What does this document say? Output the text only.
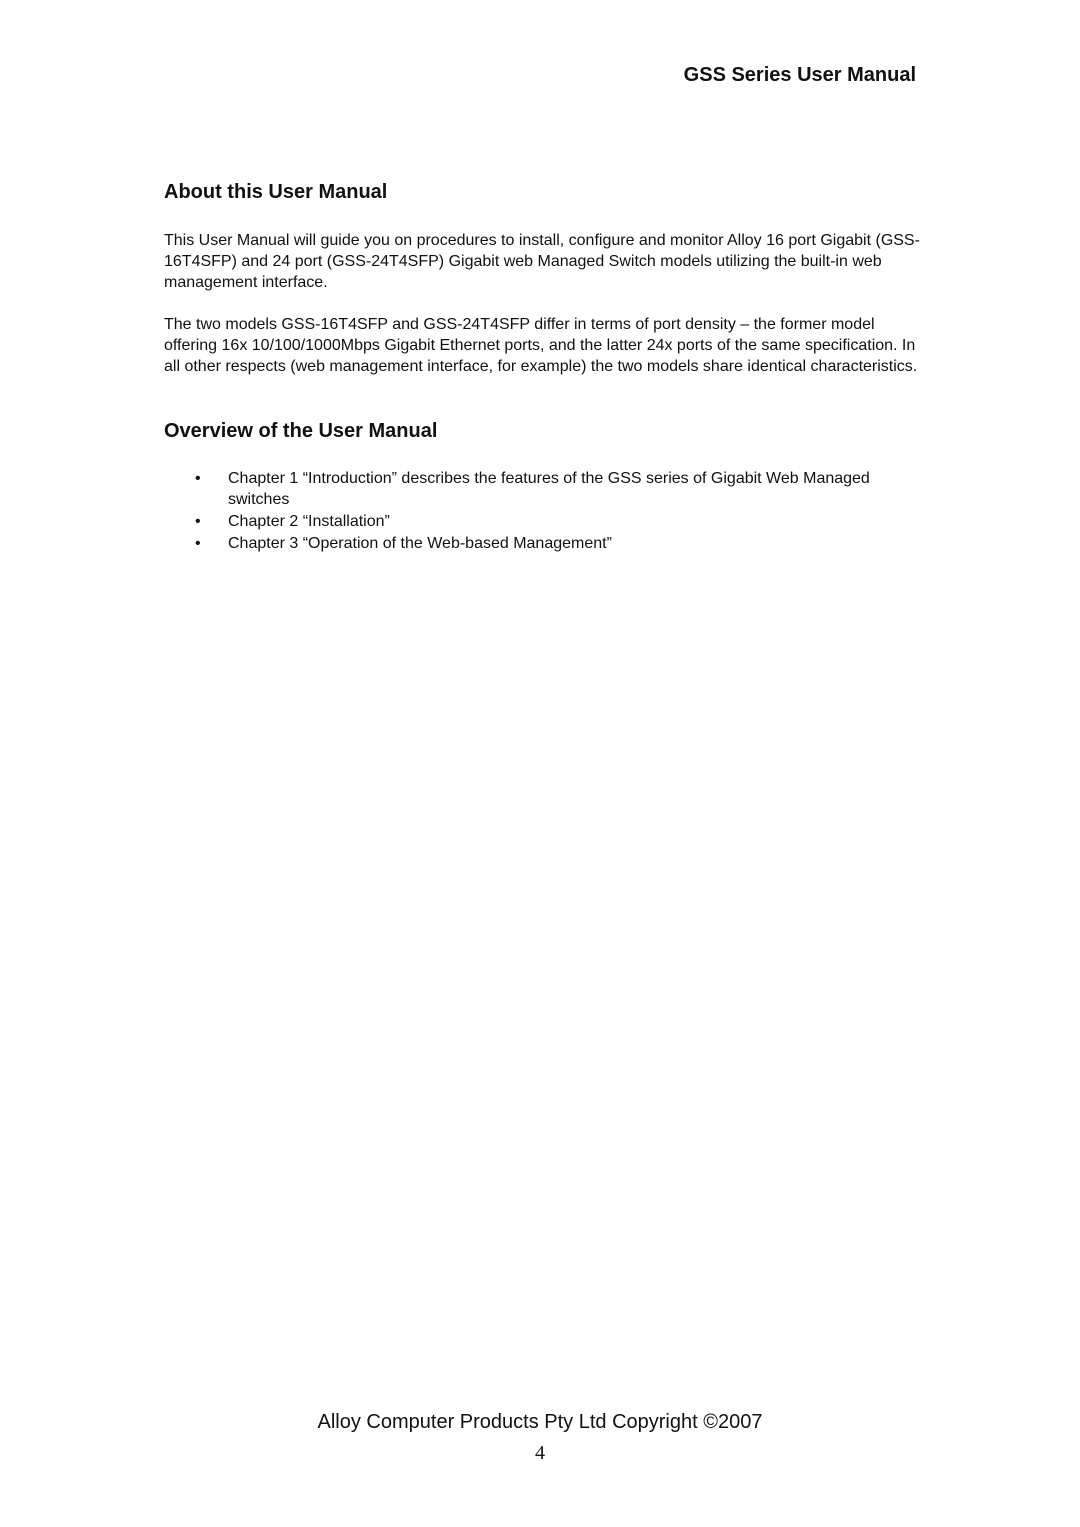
GSS Series User Manual
About this User Manual

This User Manual will guide you on procedures to install, configure and monitor Alloy 16 port Gigabit (GSS-16T4SFP) and 24 port (GSS-24T4SFP) Gigabit web Managed Switch models utilizing the built-in web management interface.

The two models GSS-16T4SFP and GSS-24T4SFP differ in terms of port density – the former model offering 16x 10/100/1000Mbps Gigabit Ethernet ports, and the latter 24x ports of the same specification. In all other respects (web management interface, for example) the two models share identical characteristics.

Overview of the User Manual
• Chapter 1 “Introduction” describes the features of the GSS series of Gigabit Web Managed switches
• Chapter 2 “Installation”
• Chapter 3 “Operation of the Web-based Management”

Alloy Computer Products Pty Ltd Copyright ©2007

4
